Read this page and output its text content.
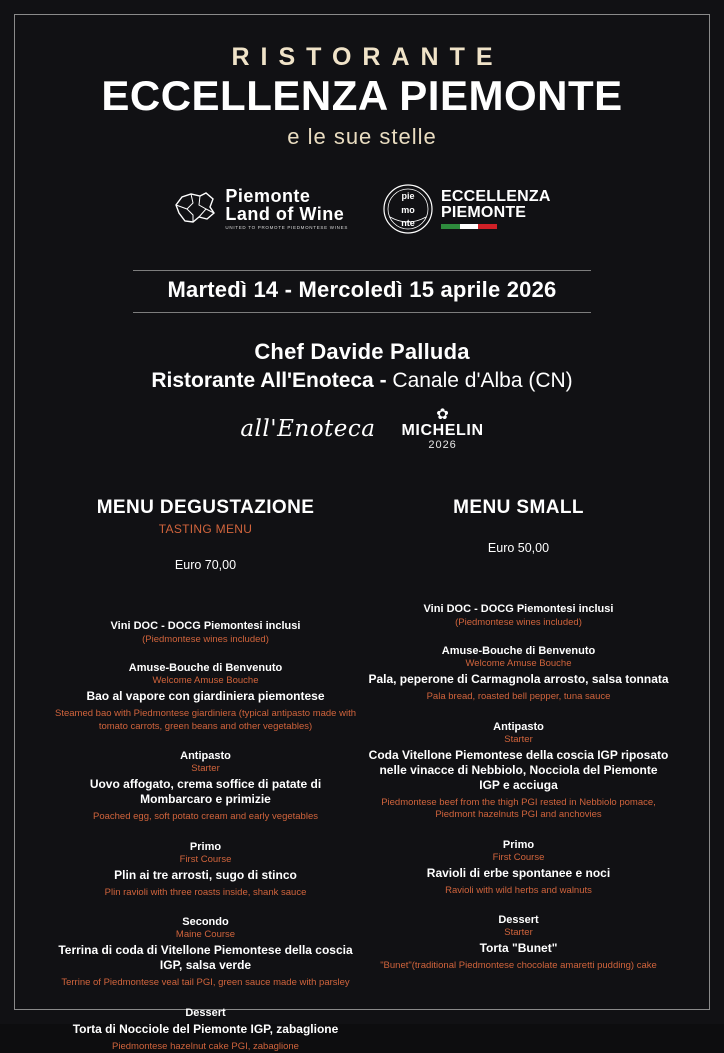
RISTORANTE
ECCELLENZA PIEMONTE
e le sue stelle
Piemonte
Land of Wine
UNITED TO PROMOTE PIEDMONTESE WINES
pie
mo
nte
ECCELLENZA
PIEMONTE
Martedì 14 - Mercoledì 15 aprile 2026
Chef Davide Palluda
Ristorante All'Enoteca - Canale d'Alba (CN)
all'Enoteca
✿
MICHELIN
2026
MENU DEGUSTAZIONE
TASTING MENU
Euro 70,00
Vini DOC - DOCG Piemontesi inclusi
(Piedmontese wines included)
Amuse-Bouche di Benvenuto
Welcome Amuse Bouche
Bao al vapore con giardiniera piemontese
Steamed bao with Piedmontese giardiniera (typical antipasto made with tomato carrots, green beans and other vegetables)
Antipasto
Starter
Uovo affogato, crema soffice di patate di Mombarcaro e primizie
Poached egg, soft potato cream and early vegetables
Primo
First Course
Plin ai tre arrosti, sugo di stinco
Plin ravioli with three roasts inside, shank sauce
Secondo
Maine Course
Terrina di coda di Vitellone Piemontese della coscia IGP, salsa verde
Terrine of Piedmontese veal tail PGI, green sauce made with parsley
Dessert
Torta di Nocciole del Piemonte IGP, zabaglione
Piedmontese hazelnut cake PGI, zabaglione
MENU SMALL
Euro 50,00
Vini DOC - DOCG Piemontesi inclusi
(Piedmontese wines included)
Amuse-Bouche di Benvenuto
Welcome Amuse Bouche
Pala, peperone di Carmagnola arrosto, salsa tonnata
Pala bread, roasted bell pepper, tuna sauce
Antipasto
Starter
Coda Vitellone Piemontese della coscia IGP riposato nelle vinacce di Nebbiolo, Nocciola del Piemonte IGP e acciuga
Piedmontese beef from the thigh PGI rested in Nebbiolo pomace, Piedmont hazelnuts PGI and anchovies
Primo
First Course
Ravioli di erbe spontanee e noci
Ravioli with wild herbs and walnuts
Dessert
Starter
Torta "Bunet"
"Bunet"(traditional Piedmontese chocolate amaretti pudding) cake
